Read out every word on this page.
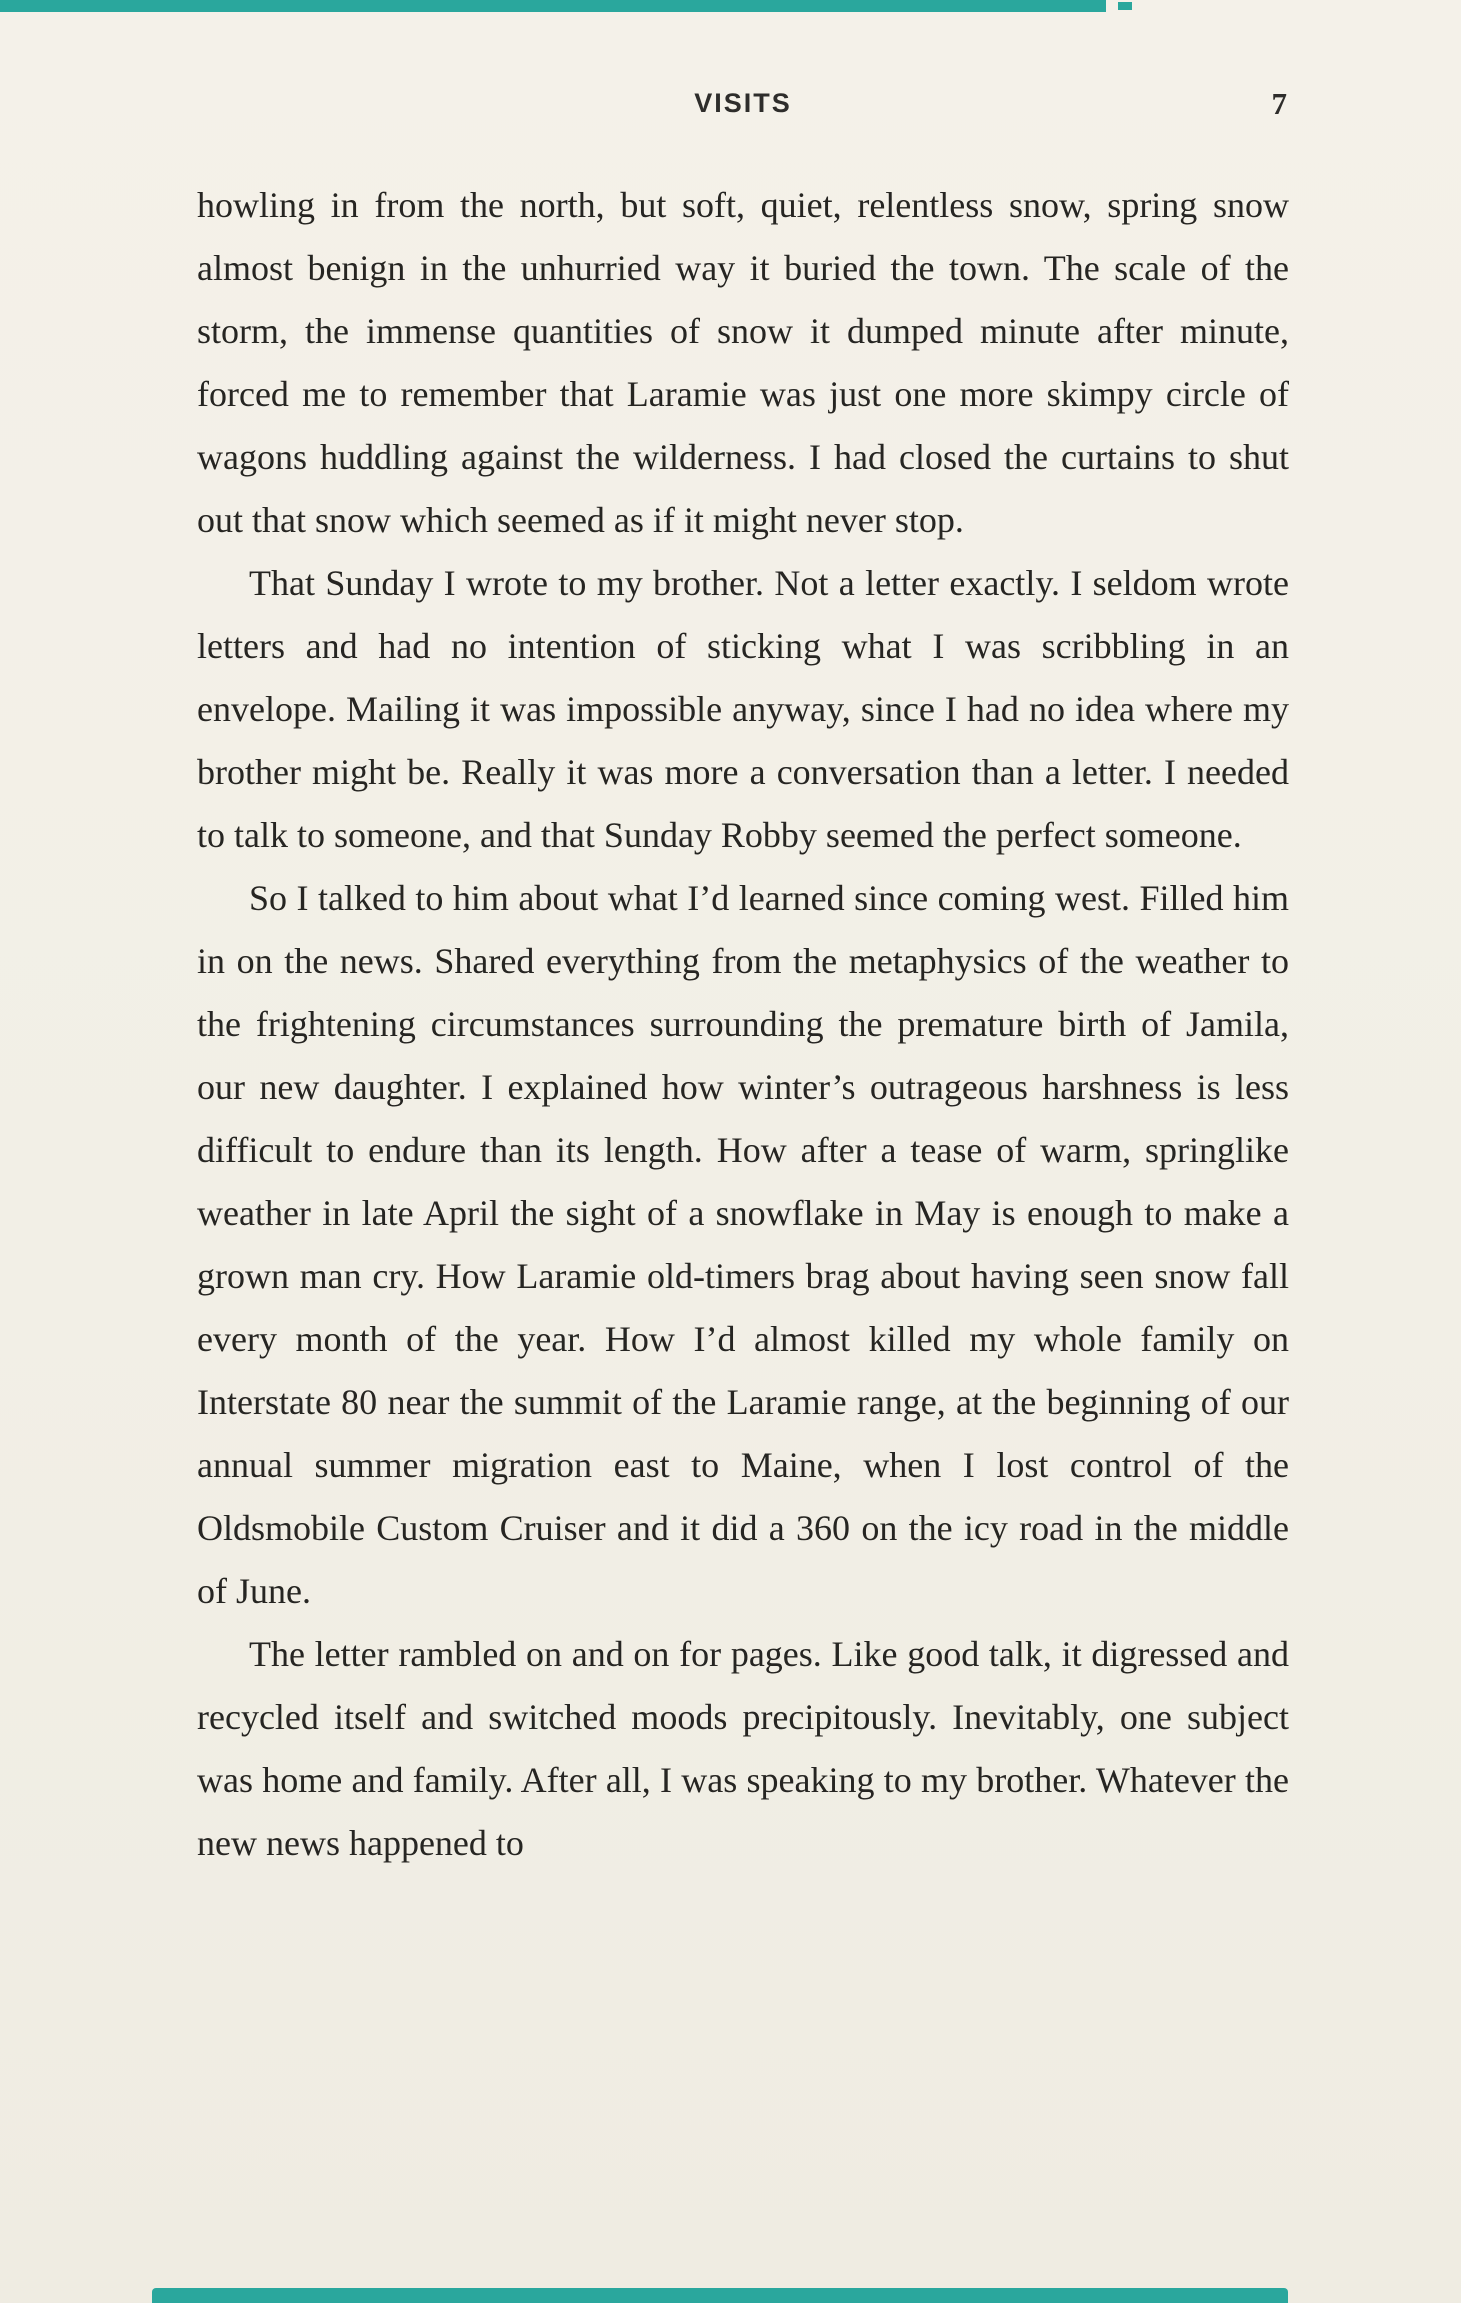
VISITS	7

howling in from the north, but soft, quiet, relentless snow, spring snow almost benign in the unhurried way it buried the town. The scale of the storm, the immense quantities of snow it dumped minute after minute, forced me to remember that Laramie was just one more skimpy circle of wagons huddling against the wilderness. I had closed the curtains to shut out that snow which seemed as if it might never stop.

That Sunday I wrote to my brother. Not a letter exactly. I seldom wrote letters and had no intention of sticking what I was scribbling in an envelope. Mailing it was impossible anyway, since I had no idea where my brother might be. Really it was more a conversation than a letter. I needed to talk to someone, and that Sunday Robby seemed the perfect someone.

So I talked to him about what I’d learned since coming west. Filled him in on the news. Shared everything from the metaphysics of the weather to the frightening circumstances surrounding the premature birth of Jamila, our new daughter. I explained how winter’s outrageous harshness is less difficult to endure than its length. How after a tease of warm, springlike weather in late April the sight of a snowflake in May is enough to make a grown man cry. How Laramie old-timers brag about having seen snow fall every month of the year. How I’d almost killed my whole family on Interstate 80 near the summit of the Laramie range, at the beginning of our annual summer migration east to Maine, when I lost control of the Oldsmobile Custom Cruiser and it did a 360 on the icy road in the middle of June.

The letter rambled on and on for pages. Like good talk, it digressed and recycled itself and switched moods precipitously. Inevitably, one subject was home and family. After all, I was speaking to my brother. Whatever the new news happened to
